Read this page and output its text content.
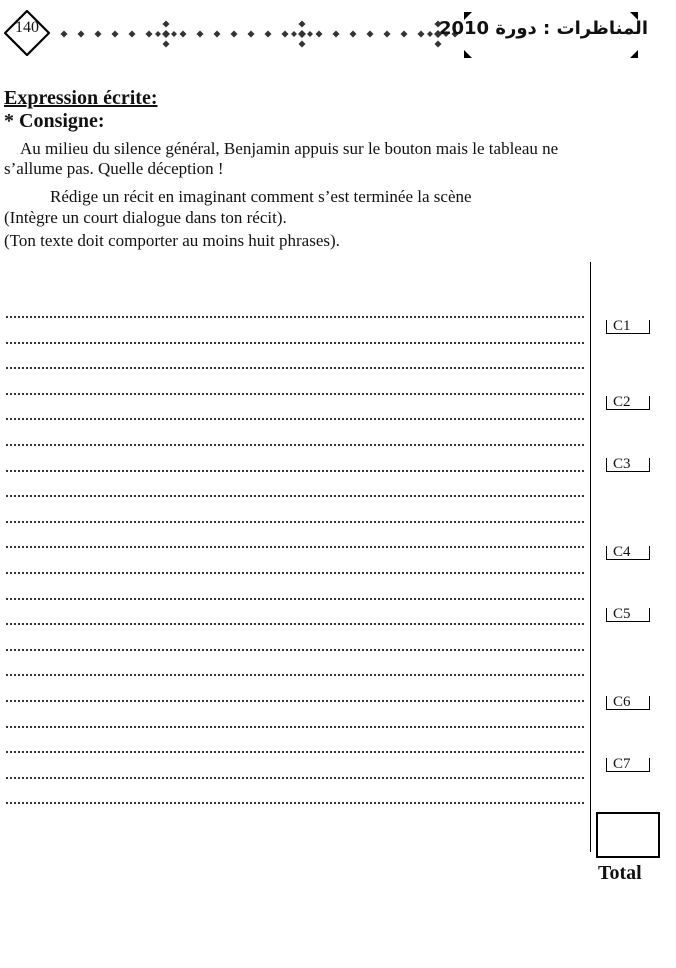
140	المناظرات : دورة 2010
Expression écrite:
* Consigne:
Au milieu du silence général, Benjamin appuis sur le bouton mais le tableau ne
s’allume pas. Quelle déception !
Rédige un récit en imaginant comment s’est terminée la scène
(Intègre un court dialogue dans ton récit).
(Ton texte doit comporter au moins huit phrases).
C1
C2
C3
C4
C5
C6
C7
Total
